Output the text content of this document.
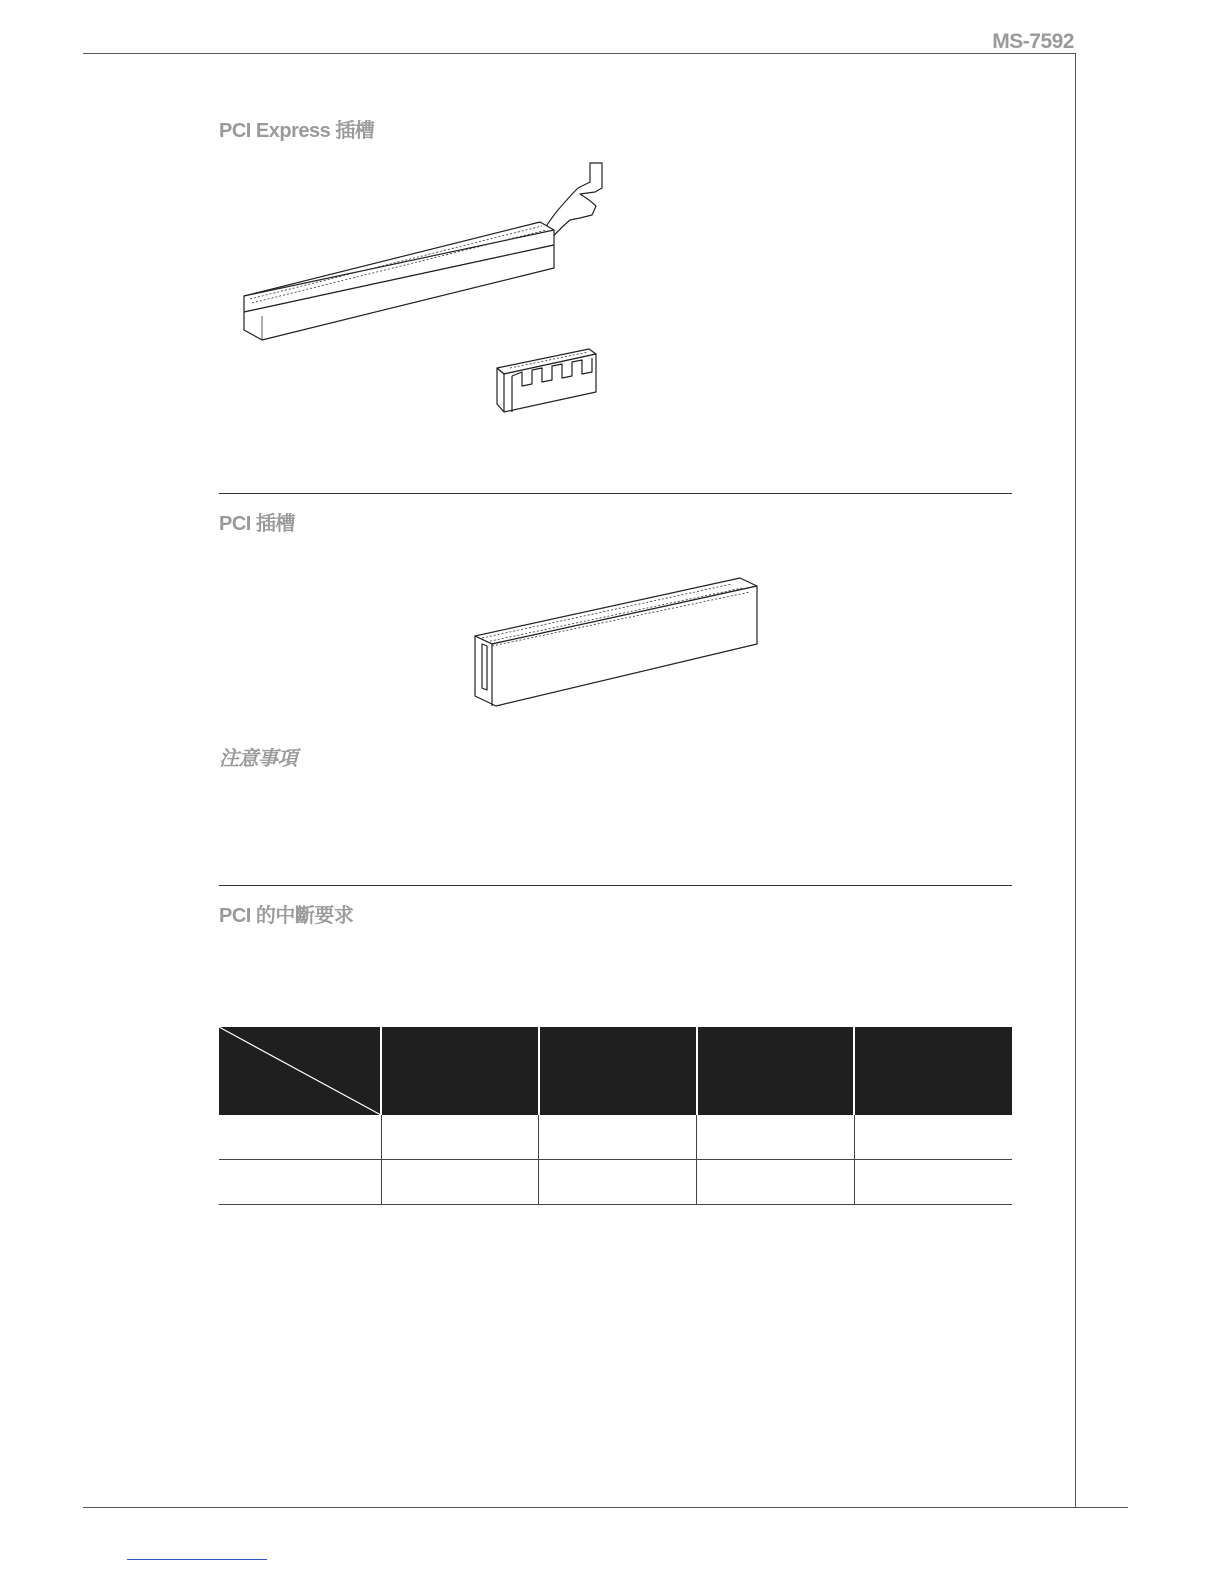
MS-7592
PCI Express 插槽
PCI 插槽
注意事項
PCI 的中斷要求
